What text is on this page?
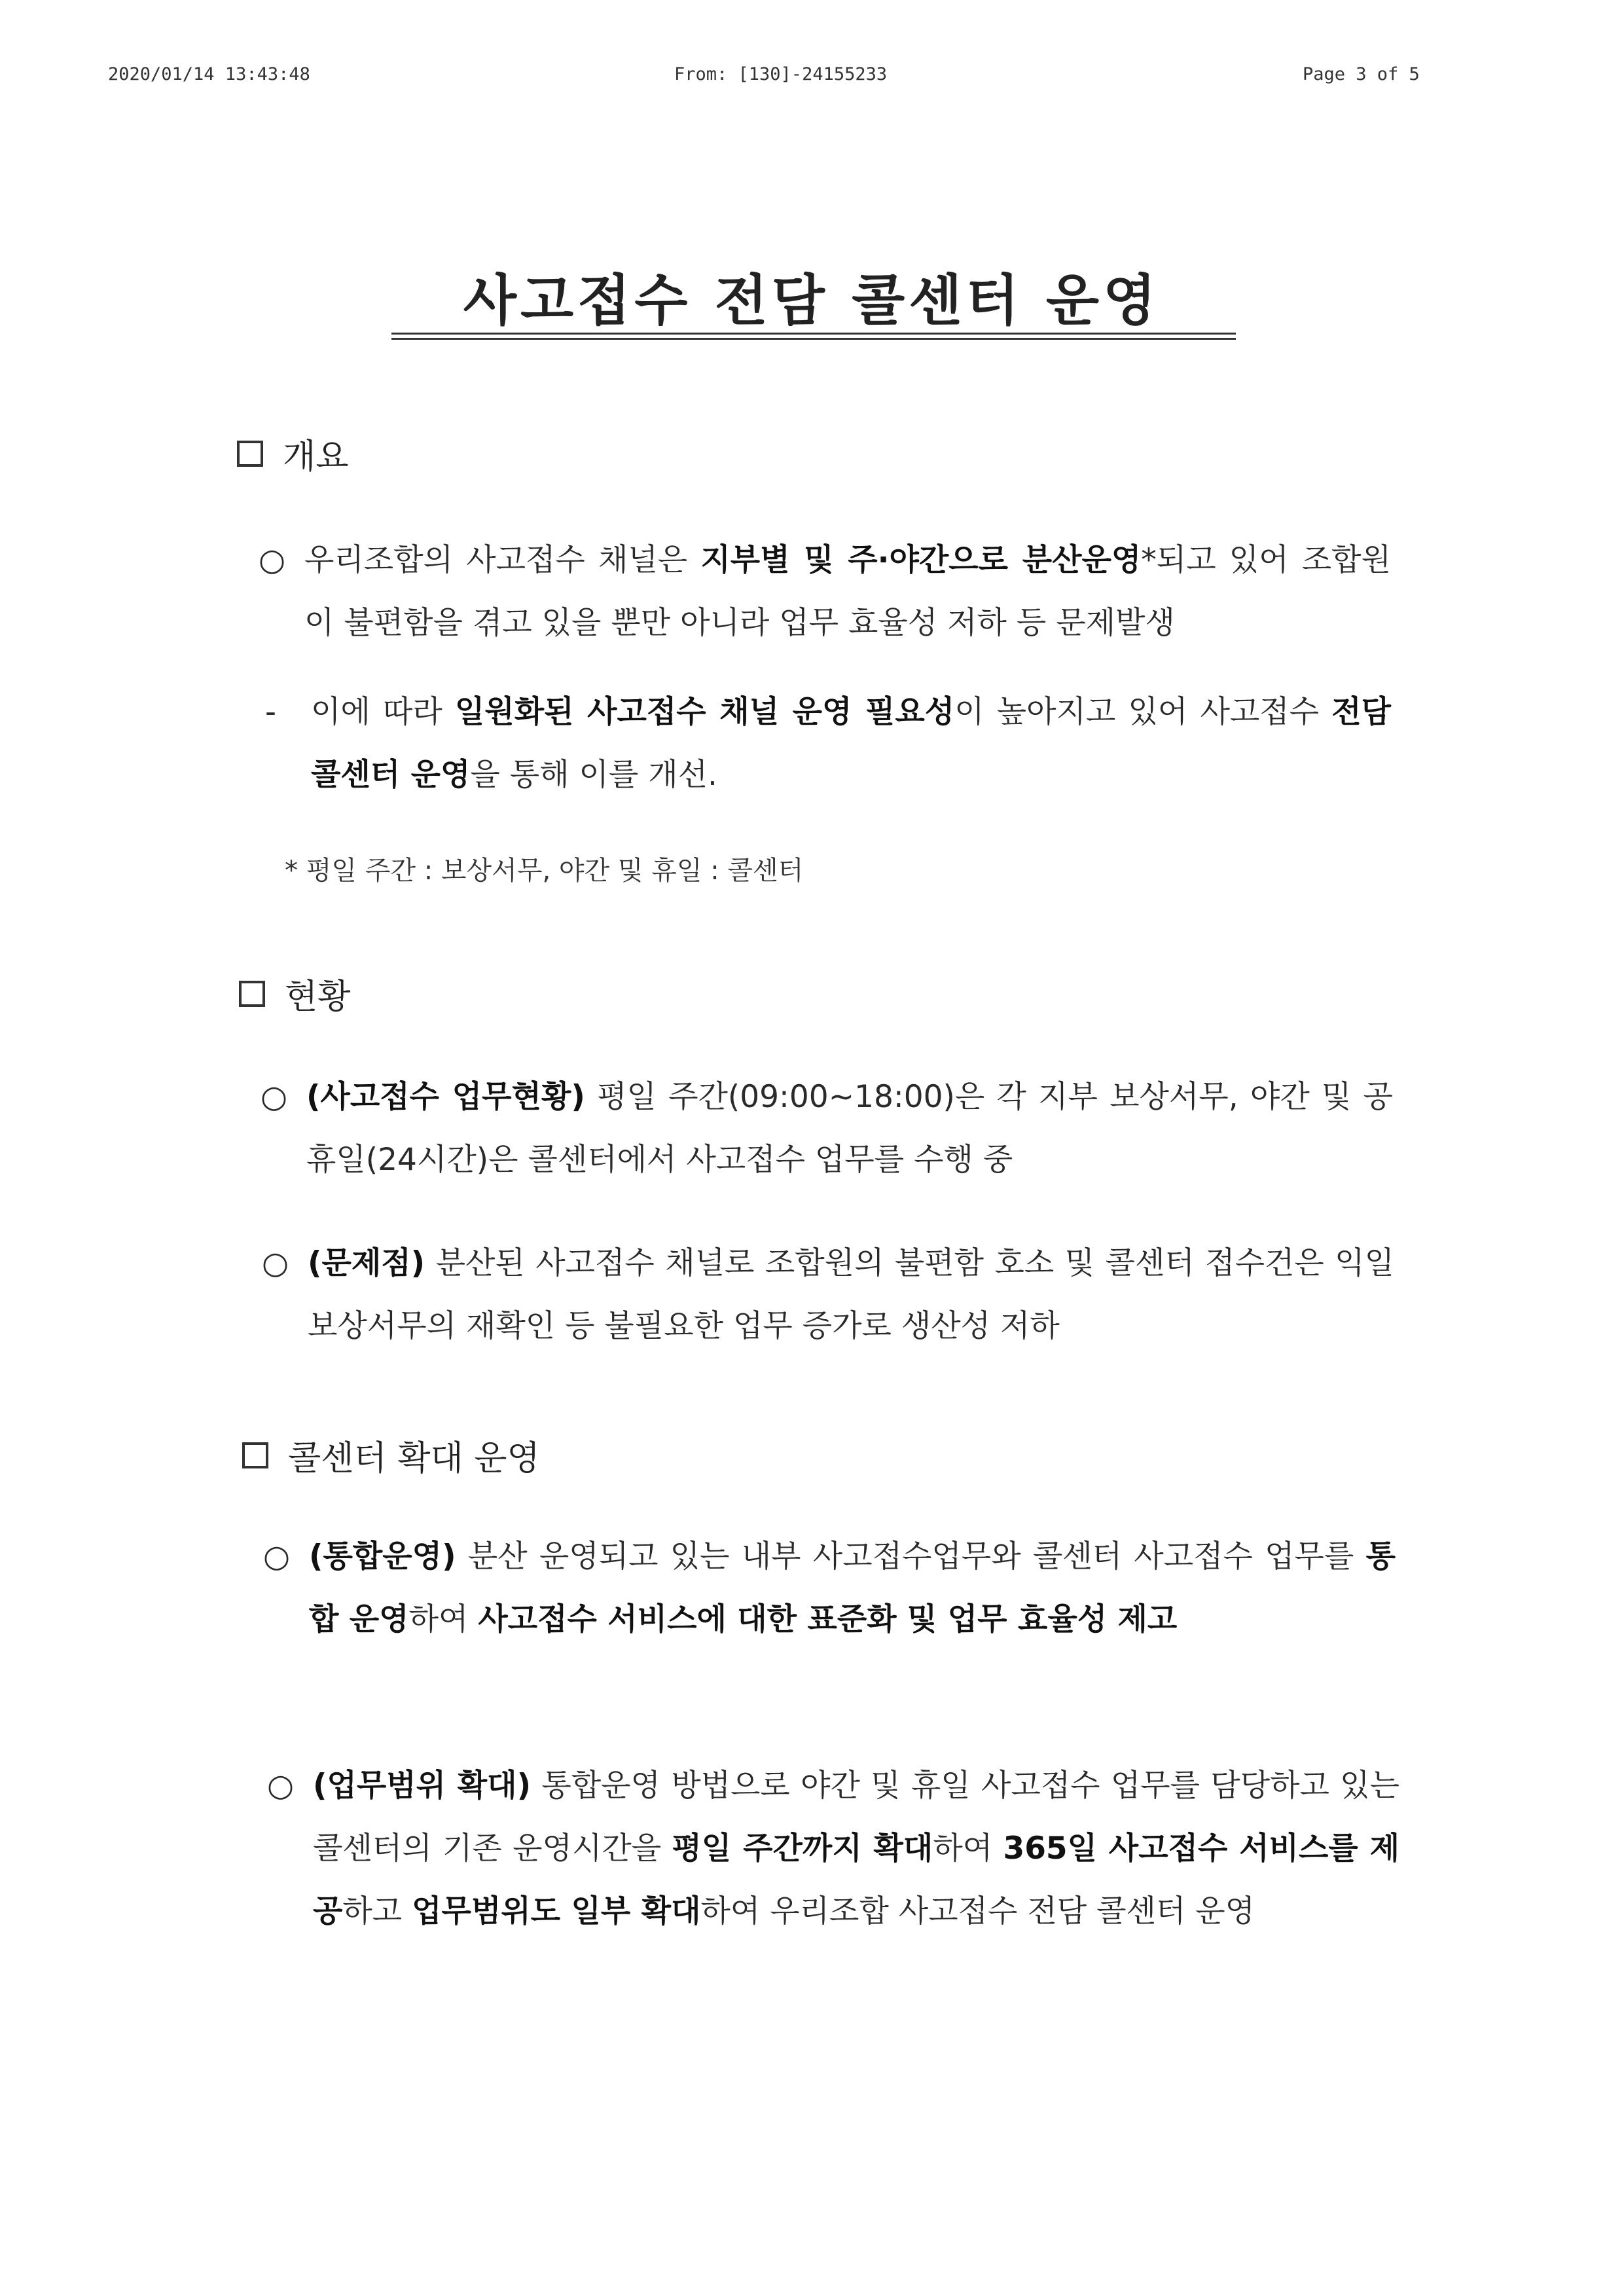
2020/01/14 13:43:48	From: [130]-24155233	Page 3 of 5
사고접수 전담 콜센터 운영
개요
○ 우리조합의 사고접수 채널은 지부별 및 주·야간으로 분산운영*되고 있어 조합원이 불편함을 겪고 있을 뿐만 아니라 업무 효율성 저하 등 문제발생
- 이에 따라 일원화된 사고접수 채널 운영 필요성이 높아지고 있어 사고접수 전담 콜센터 운영을 통해 이를 개선.
* 평일 주간 : 보상서무, 야간 및 휴일 : 콜센터
현황
○ (사고접수 업무현황) 평일 주간(09:00~18:00)은 각 지부 보상서무, 야간 및 공휴일(24시간)은 콜센터에서 사고접수 업무를 수행 중
○ (문제점) 분산된 사고접수 채널로 조합원의 불편함 호소 및 콜센터 접수건은 익일 보상서무의 재확인 등 불필요한 업무 증가로 생산성 저하
콜센터 확대 운영
○ (통합운영) 분산 운영되고 있는 내부 사고접수업무와 콜센터 사고접수 업무를 통합 운영하여 사고접수 서비스에 대한 표준화 및 업무 효율성 제고
○ (업무범위 확대) 통합운영 방법으로 야간 및 휴일 사고접수 업무를 담당하고 있는 콜센터의 기존 운영시간을 평일 주간까지 확대하여 365일 사고접수 서비스를 제공하고 업무범위도 일부 확대하여 우리조합 사고접수 전담 콜센터 운영
